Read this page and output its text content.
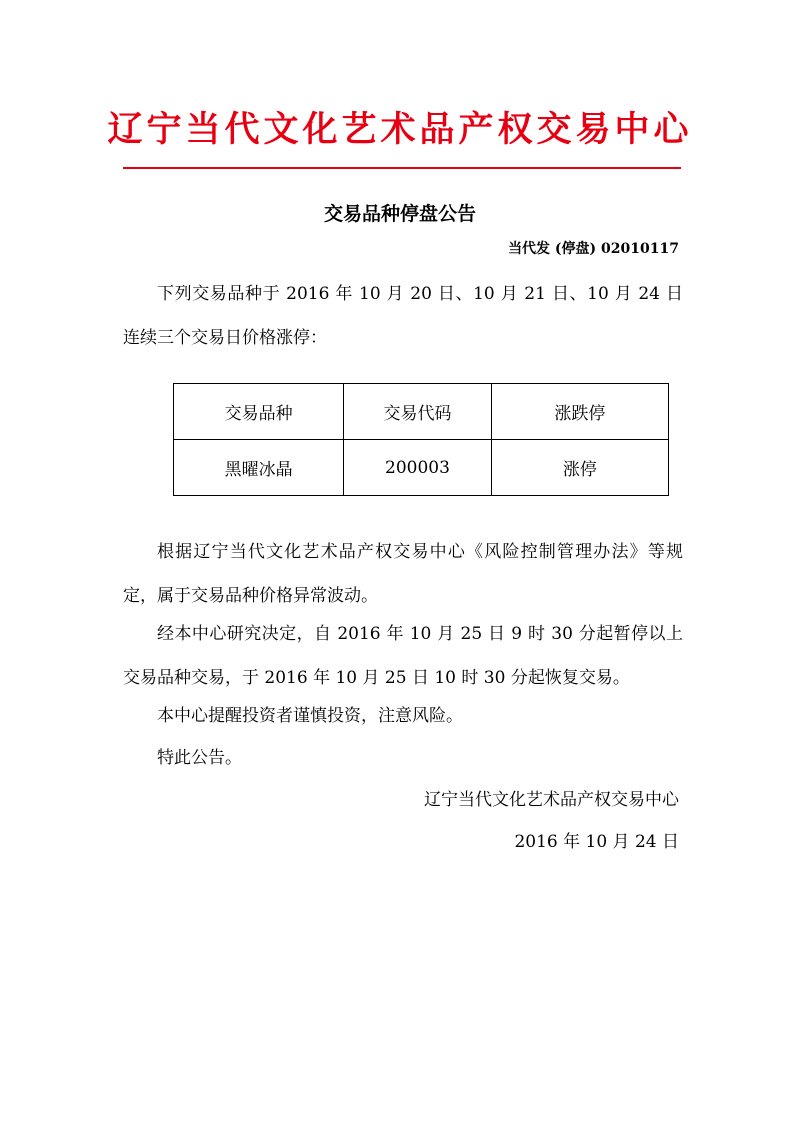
辽宁当代文化艺术品产权交易中心
交易品种停盘公告
当代发 (停盘) 02010117
下列交易品种于 2016 年 10 月 20 日、10 月 21 日、10 月 24 日连续三个交易日价格涨停：
交易品种	交易代码	涨跌停
黑曜冰晶	200003	涨停
根据辽宁当代文化艺术品产权交易中心《风险控制管理办法》等规定，属于交易品种价格异常波动。
经本中心研究决定，自 2016 年 10 月 25 日 9 时 30 分起暂停以上交易品种交易，于 2016 年 10 月 25 日 10 时 30 分起恢复交易。
本中心提醒投资者谨慎投资，注意风险。
特此公告。
辽宁当代文化艺术品产权交易中心
2016 年 10 月 24 日
